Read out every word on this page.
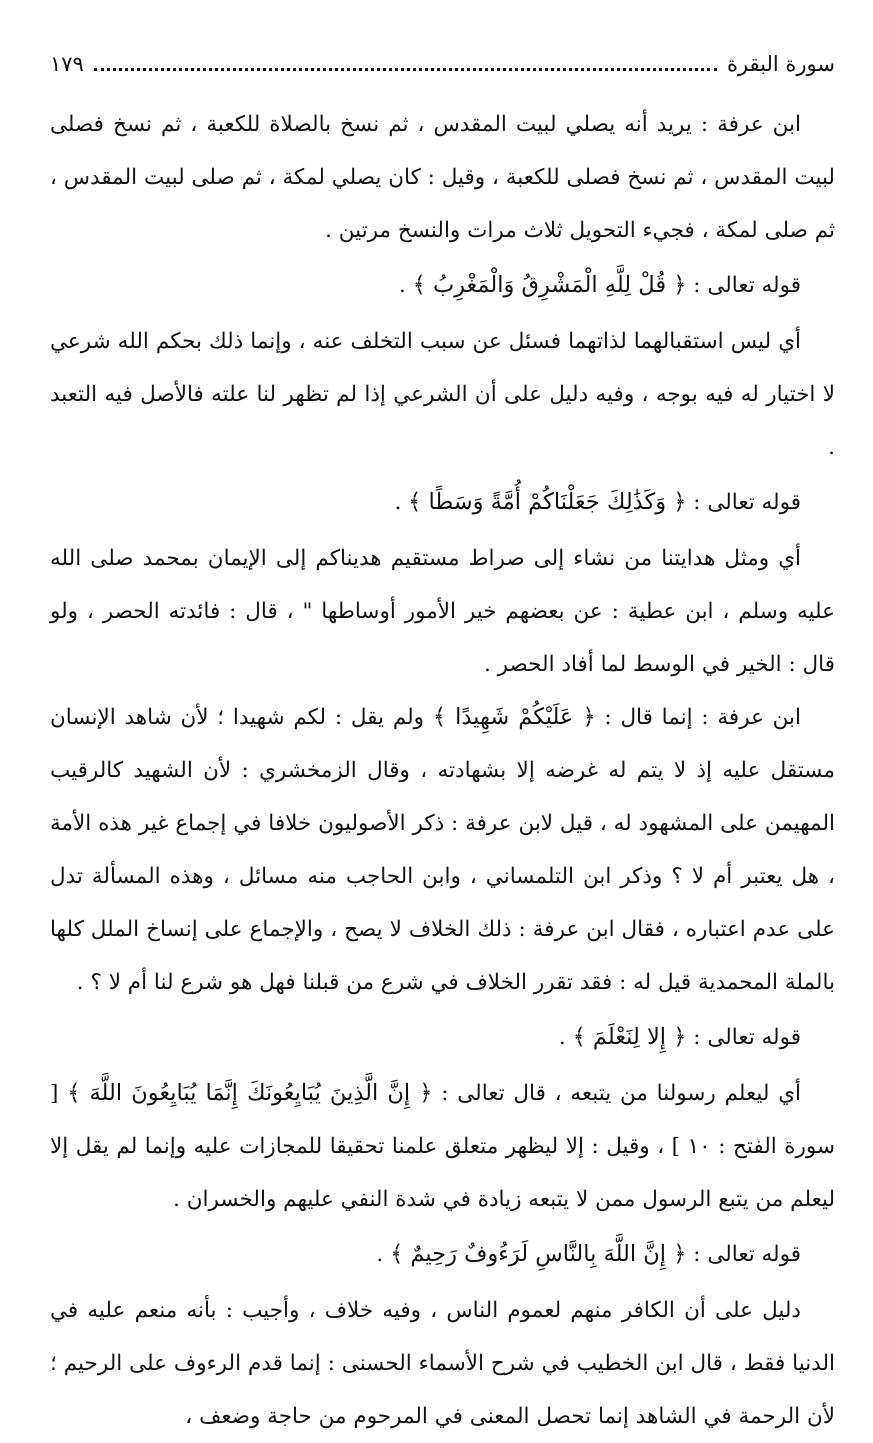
سورة البقرة
١٧٩

ابن عرفة : يريد أنه يصلي لبيت المقدس ، ثم نسخ بالصلاة للكعبة ، ثم نسخ فصلى لبيت المقدس ، ثم نسخ فصلى للكعبة ، وقيل : كان يصلي لمكة ، ثم صلى لبيت المقدس ، ثم صلى لمكة ، فجيء التحويل ثلاث مرات والنسخ مرتين .

قوله تعالى : ﴿ قُلْ لِلَّهِ الْمَشْرِقُ وَالْمَغْرِبُ ﴾ .

أي ليس استقبالهما لذاتهما فسئل عن سبب التخلف عنه ، وإنما ذلك بحكم الله شرعي لا اختيار له فيه بوجه ، وفيه دليل على أن الشرعي إذا لم تظهر لنا علته فالأصل فيه التعبد .

قوله تعالى : ﴿ وَكَذَٰلِكَ جَعَلْنَاكُمْ أُمَّةً وَسَطًا ﴾ .

أي ومثل هدايتنا من نشاء إلى صراط مستقيم هديناكم إلى الإيمان بمحمد صلى الله عليه وسلم ، ابن عطية : عن بعضهم خير الأمور أوساطها " ، قال : فائدته الحصر ، ولو قال : الخير في الوسط لما أفاد الحصر .

ابن عرفة : إنما قال : ﴿ عَلَيْكُمْ شَهِيدًا ﴾ ولم يقل : لكم شهيدا ؛ لأن شاهد الإنسان مستقل عليه إذ لا يتم له غرضه إلا بشهادته ، وقال الزمخشري : لأن الشهيد كالرقيب المهيمن على المشهود له ، قيل لابن عرفة : ذكر الأصوليون خلافا في إجماع غير هذه الأمة ، هل يعتبر أم لا ؟ وذكر ابن التلمساني ، وابن الحاجب منه مسائل ، وهذه المسألة تدل على عدم اعتباره ، فقال ابن عرفة : ذلك الخلاف لا يصح ، والإجماع على إنساخ الملل كلها بالملة المحمدية قيل له : فقد تقرر الخلاف في شرع من قبلنا فهل هو شرع لنا أم لا ؟ .

قوله تعالى : ﴿ إِلا لِنَعْلَمَ ﴾ .

أي ليعلم رسولنا من يتبعه ، قال تعالى : ﴿ إِنَّ الَّذِينَ يُبَايِعُونَكَ إِنَّمَا يُبَايِعُونَ اللَّهَ ﴾ [ سورة الفتح : ١٠ ] ، وقيل : إلا ليظهر متعلق علمنا تحقيقا للمجازات عليه وإنما لم يقل إلا ليعلم من يتبع الرسول ممن لا يتبعه زيادة في شدة النفي عليهم والخسران .

قوله تعالى : ﴿ إِنَّ اللَّهَ بِالنَّاسِ لَرَءُوفٌ رَحِيمٌ ﴾ .

دليل على أن الكافر منهم لعموم الناس ، وفيه خلاف ، وأجيب : بأنه منعم عليه في الدنيا فقط ، قال ابن الخطيب في شرح الأسماء الحسنى : إنما قدم الرءوف على الرحيم ؛ لأن الرحمة في الشاهد إنما تحصل المعنى في المرحوم من حاجة وضعف ،
